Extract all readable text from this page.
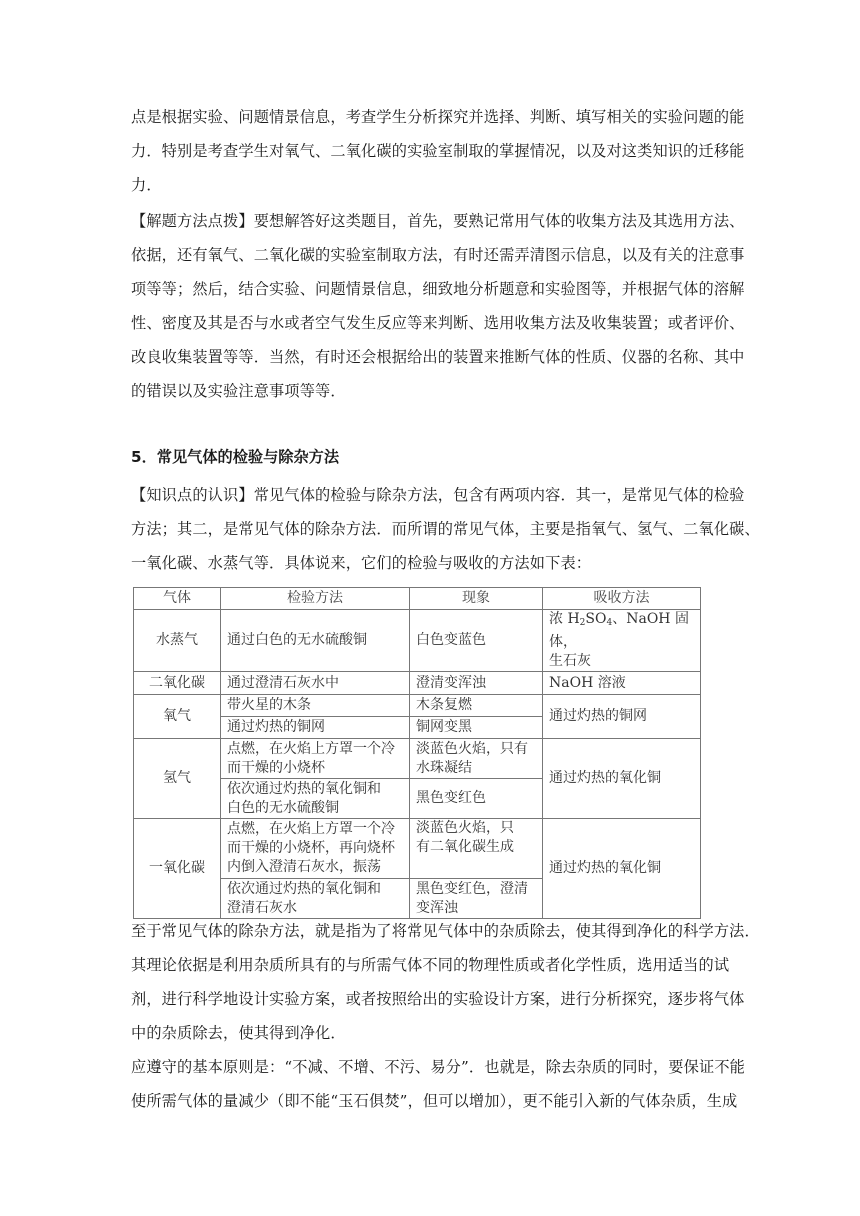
点是根据实验、问题情景信息，考查学生分析探究并选择、判断、填写相关的实验问题的能
力．特别是考查学生对氧气、二氧化碳的实验室制取的掌握情况，以及对这类知识的迁移能
力．
【解题方法点拨】要想解答好这类题目，首先，要熟记常用气体的收集方法及其选用方法、
依据，还有氧气、二氧化碳的实验室制取方法，有时还需弄清图示信息，以及有关的注意事
项等等；然后，结合实验、问题情景信息，细致地分析题意和实验图等，并根据气体的溶解
性、密度及其是否与水或者空气发生反应等来判断、选用收集方法及收集装置；或者评价、
改良收集装置等等．当然，有时还会根据给出的装置来推断气体的性质、仪器的名称、其中
的错误以及实验注意事项等等．

5．常见气体的检验与除杂方法

【知识点的认识】常见气体的检验与除杂方法，包含有两项内容．其一，是常见气体的检验
方法；其二，是常见气体的除杂方法．而所谓的常见气体，主要是指氧气、氢气、二氧化碳、
一氧化碳、水蒸气等．具体说来，它们的检验与吸收的方法如下表：
气体	检验方法	现象	吸收方法
水蒸气	通过白色的无水硫酸铜	白色变蓝色	浓 $H_2SO_4$、NaOH 固体，
生石灰
二氧化碳	通过澄清石灰水中	澄清变浑浊	NaOH 溶液
氧气	带火星的木条	木条复燃	通过灼热的铜网
	通过灼热的铜网	铜网变黑	
氢气	点燃，在火焰上方罩一个冷
而干燥的小烧杯	淡蓝色火焰，只有
水珠凝结	通过灼热的氧化铜
	依次通过灼热的氧化铜和
白色的无水硫酸铜	黑色变红色	
一氧化碳	点燃，在火焰上方罩一个冷
而干燥的小烧杯，再向烧杯
内倒入澄清石灰水，振荡	淡蓝色火焰，只
有二氧化碳生成	通过灼热的氧化铜
	依次通过灼热的氧化铜和
澄清石灰水	黑色变红色，澄清
变浑浊	
至于常见气体的除杂方法，就是指为了将常见气体中的杂质除去，使其得到净化的科学方法．
其理论依据是利用杂质所具有的与所需气体不同的物理性质或者化学性质，选用适当的试
剂，进行科学地设计实验方案，或者按照给出的实验设计方案，进行分析探究，逐步将气体
中的杂质除去，使其得到净化．
应遵守的基本原则是：“不减、不增、不污、易分”．也就是，除去杂质的同时，要保证不能
使所需气体的量减少（即不能“玉石俱焚”，但可以增加），更不能引入新的气体杂质，生成
